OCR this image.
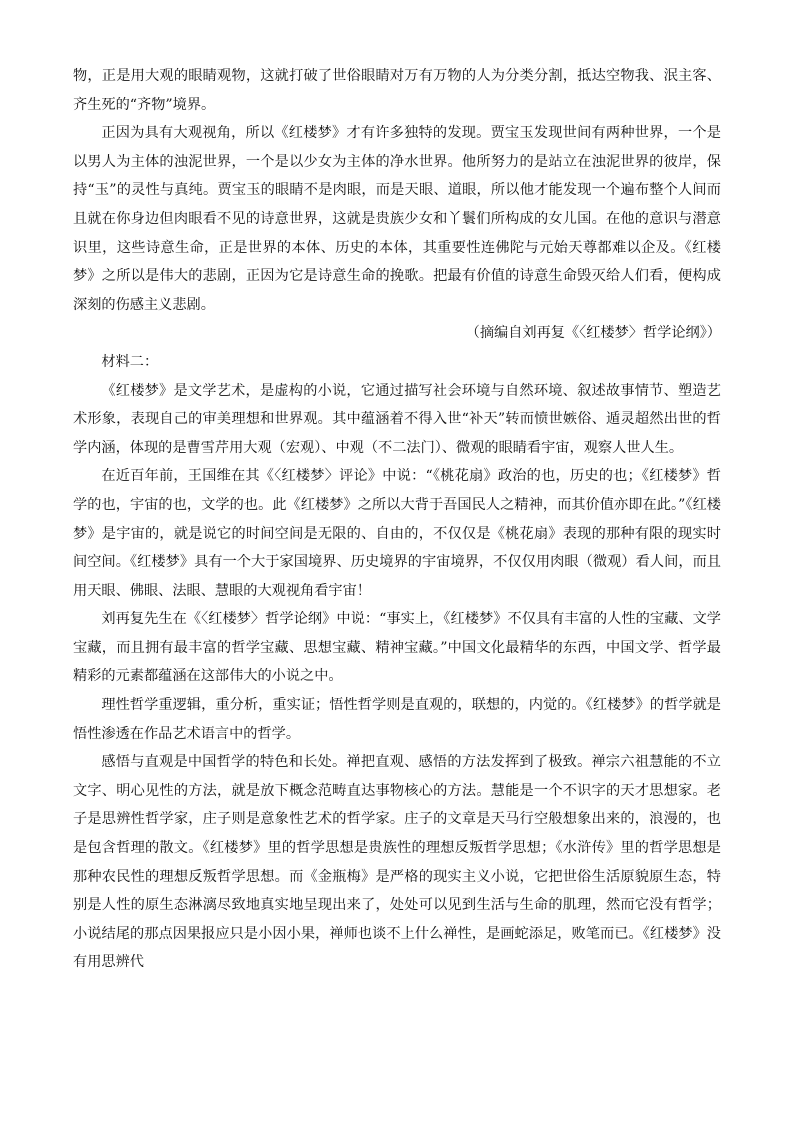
物，正是用大观的眼睛观物，这就打破了世俗眼睛对万有万物的人为分类分割，抵达空物我、泯主客、齐生死的“齐物”境界。

正因为具有大观视角，所以《红楼梦》才有许多独特的发现。贾宝玉发现世间有两种世界，一个是以男人为主体的浊泥世界，一个是以少女为主体的净水世界。他所努力的是站立在浊泥世界的彼岸，保持“玉”的灵性与真纯。贾宝玉的眼睛不是肉眼，而是天眼、道眼，所以他才能发现一个遍布整个人间而且就在你身边但肉眼看不见的诗意世界，这就是贵族少女和丫鬟们所构成的女儿国。在他的意识与潜意识里，这些诗意生命，正是世界的本体、历史的本体，其重要性连佛陀与元始天尊都难以企及。《红楼梦》之所以是伟大的悲剧，正因为它是诗意生命的挽歌。把最有价值的诗意生命毁灭给人们看，便构成深刻的伤感主义悲剧。

（摘编自刘再复《〈红楼梦〉哲学论纲》）

材料二：

《红楼梦》是文学艺术，是虚构的小说，它通过描写社会环境与自然环境、叙述故事情节、塑造艺术形象，表现自己的审美理想和世界观。其中蕴涵着不得入世“补天”转而愤世嫉俗、遁灵超然出世的哲学内涵，体现的是曹雪芹用大观（宏观）、中观（不二法门）、微观的眼睛看宇宙，观察人世人生。

在近百年前，王国维在其《〈红楼梦〉评论》中说：“《桃花扇》政治的也，历史的也；《红楼梦》哲学的也，宇宙的也，文学的也。此《红楼梦》之所以大背于吾国民人之精神，而其价值亦即在此。”《红楼梦》是宇宙的，就是说它的时间空间是无限的、自由的，不仅仅是《桃花扇》表现的那种有限的现实时间空间。《红楼梦》具有一个大于家国境界、历史境界的宇宙境界，不仅仅用肉眼（微观）看人间，而且用天眼、佛眼、法眼、慧眼的大观视角看宇宙！

刘再复先生在《〈红楼梦〉哲学论纲》中说：“事实上，《红楼梦》不仅具有丰富的人性的宝藏、文学宝藏，而且拥有最丰富的哲学宝藏、思想宝藏、精神宝藏。”中国文化最精华的东西，中国文学、哲学最精彩的元素都蕴涵在这部伟大的小说之中。

理性哲学重逻辑，重分析，重实证；悟性哲学则是直观的，联想的，内觉的。《红楼梦》的哲学就是悟性渗透在作品艺术语言中的哲学。

感悟与直观是中国哲学的特色和长处。禅把直观、感悟的方法发挥到了极致。禅宗六祖慧能的不立文字、明心见性的方法，就是放下概念范畴直达事物核心的方法。慧能是一个不识字的天才思想家。老子是思辨性哲学家，庄子则是意象性艺术的哲学家。庄子的文章是天马行空般想象出来的，浪漫的，也是包含哲理的散文。《红楼梦》里的哲学思想是贵族性的理想反叛哲学思想；《水浒传》里的哲学思想是那种农民性的理想反叛哲学思想。而《金瓶梅》是严格的现实主义小说，它把世俗生活原貌原生态，特别是人性的原生态淋漓尽致地真实地呈现出来了，处处可以见到生活与生命的肌理，然而它没有哲学；小说结尾的那点因果报应只是小因小果，禅师也谈不上什么禅性，是画蛇添足，败笔而已。《红楼梦》没有用思辨代
